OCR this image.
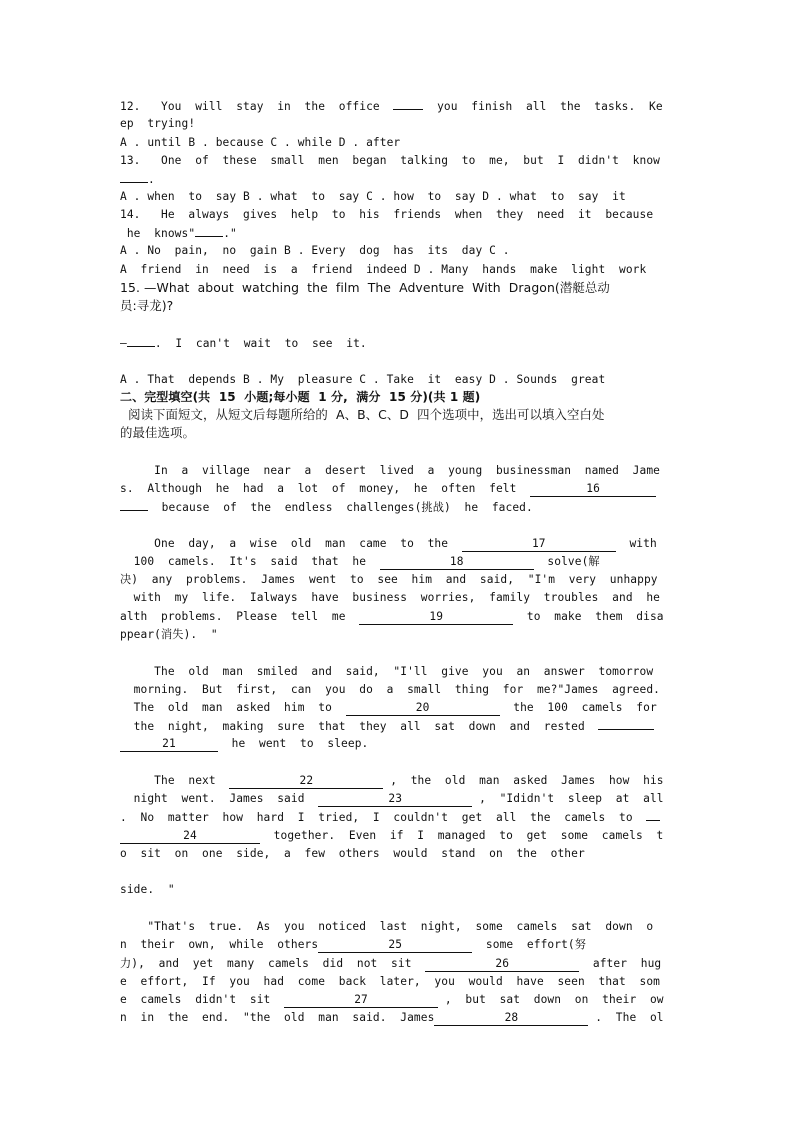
12.   You  will  stay  in  the  office	you  finish  all  the  tasks.  Ke
ep  trying!
A . until B . because C . while D . after
13.   One  of  these  small  men  began  talking  to  me,  but  I  didn't  know
.
A . when  to  say B . what  to  say C . how  to  say D . what  to  say  it
14.   He  always  gives  help  to  his  friends  when  they  need  it  because
he  knows"	."
A . No  pain,  no  gain B . Every  dog  has  its  day C .
A  friend  in  need  is  a  friend  indeed D . Many  hands  make  light  work
15. —What  about  watching  the  film  The  Adventure  With  Dragon(潜艇总动
员:寻龙)?
—	.  I  can't  wait  to  see  it.
A . That  depends B . My  pleasure C . Take  it  easy D . Sounds  great
二、完型填空(共  15  小题;每小题  1 分,  满分  15 分)(共 1 题)
阅读下面短文，从短文后每题所给的  A、B、C、D  四个选项中，选出可以填入空白处
的最佳选项。
In  a  village  near  a  desert  lived  a  young  businessman  named  Jame
s.  Although  he  had  a  lot  of  money,  he  often  felt	16
because  of  the  endless  challenges(挑战)  he  faced.
One  day,  a  wise  old  man  came  to  the	17	with
100  camels.  It's  said  that  he	18	solve(解
决)  any  problems.  James  went  to  see  him  and  said,  "I'm  very  unhappy
with  my  life.  Ialways  have  business  worries,  family  troubles  and  he
alth  problems.  Please  tell  me	19	to  make  them  disa
ppear(消失).  "
The  old  man  smiled  and  said,  "I'll  give  you  an  answer  tomorrow
morning.  But  first,  can  you  do  a  small  thing  for  me?"James  agreed.
The  old  man  asked  him  to	20	the  100  camels  for
the  night,  making  sure  that  they  all  sat  down  and  rested
21	he  went  to  sleep.
The  next	22	,  the  old  man  asked  James  how  his
night  went.  James  said	23	,  "Ididn't  sleep  at  all
.  No  matter  how  hard  I  tried,  I  couldn't  get  all  the  camels  to
24	together.  Even  if  I  managed  to  get  some  camels  t
o  sit  on  one  side,  a  few  others  would  stand  on  the  other
side.  "
"That's  true.  As  you  noticed  last  night,  some  camels  sat  down  o
n  their  own,  while  others	25	some  effort(努
力),  and  yet  many  camels  did  not  sit	26	after  hug
e  effort,  If  you  had  come  back  later,  you  would  have  seen  that  som
e  camels  didn't  sit	27	,  but  sat  down  on  their  ow
n  in  the  end.  "the  old  man  said.  James	28	.  The  ol
